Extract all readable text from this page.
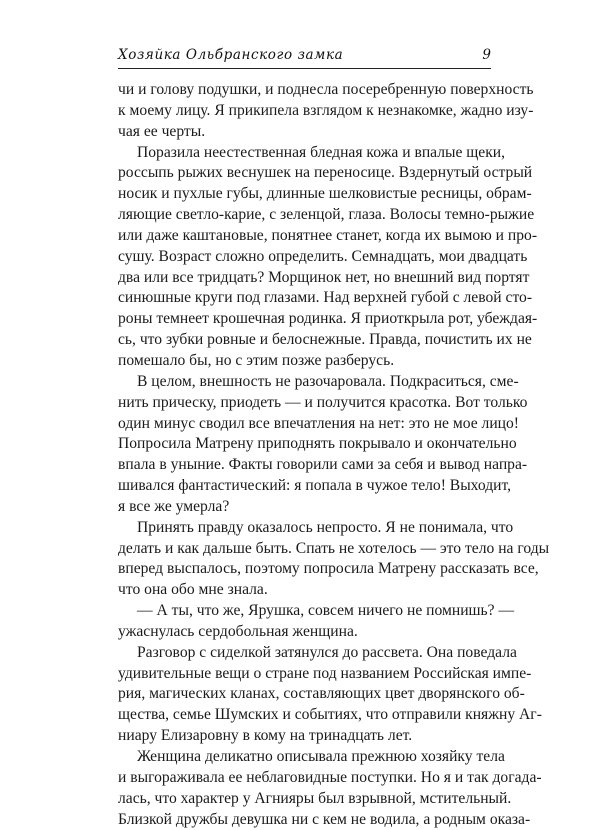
Хозяйка Ольбранского замка	9
чи и голову подушки, и поднесла посеребренную поверхность
к моему лицу. Я прикипела взглядом к незнакомке, жадно изу-
чая ее черты.
Поразила неестественная бледная кожа и впалые щеки,
россыпь рыжих веснушек на переносице. Вздернутый острый
носик и пухлые губы, длинные шелковистые ресницы, обрам-
ляющие светло-карие, с зеленцой, глаза. Волосы темно-рыжие
или даже каштановые, понятнее станет, когда их вымою и про-
сушу. Возраст сложно определить. Семнадцать, мои двадцать
два или все тридцать? Морщинок нет, но внешний вид портят
синюшные круги под глазами. Над верхней губой с левой сто-
роны темнеет крошечная родинка. Я приоткрыла рот, убеждая-
сь, что зубки ровные и белоснежные. Правда, почистить их не
помешало бы, но с этим позже разберусь.
В целом, внешность не разочаровала. Подкраситься, сме-
нить прическу, приодеть — и получится красотка. Вот только
один минус сводил все впечатления на нет: это не мое лицо!
Попросила Матрену приподнять покрывало и окончательно
впала в уныние. Факты говорили сами за себя и вывод напра-
шивался фантастический: я попала в чужое тело! Выходит,
я все же умерла?
Принять правду оказалось непросто. Я не понимала, что
делать и как дальше быть. Спать не хотелось — это тело на годы
вперед выспалось, поэтому попросила Матрену рассказать все,
что она обо мне знала.
— А ты, что же, Ярушка, совсем ничего не помнишь? —
ужаснулась сердобольная женщина.
Разговор с сиделкой затянулся до рассвета. Она поведала
удивительные вещи о стране под названием Российская импе-
рия, магических кланах, составляющих цвет дворянского об-
щества, семье Шумских и событиях, что отправили княжну Аг-
ниару Елизаровну в кому на тринадцать лет.
Женщина деликатно описывала прежнюю хозяйку тела
и выгораживала ее неблаговидные поступки. Но я и так догада-
лась, что характер у Агнияры был взрывной, мстительный.
Близкой дружбы девушка ни с кем не водила, а родным оказа-
